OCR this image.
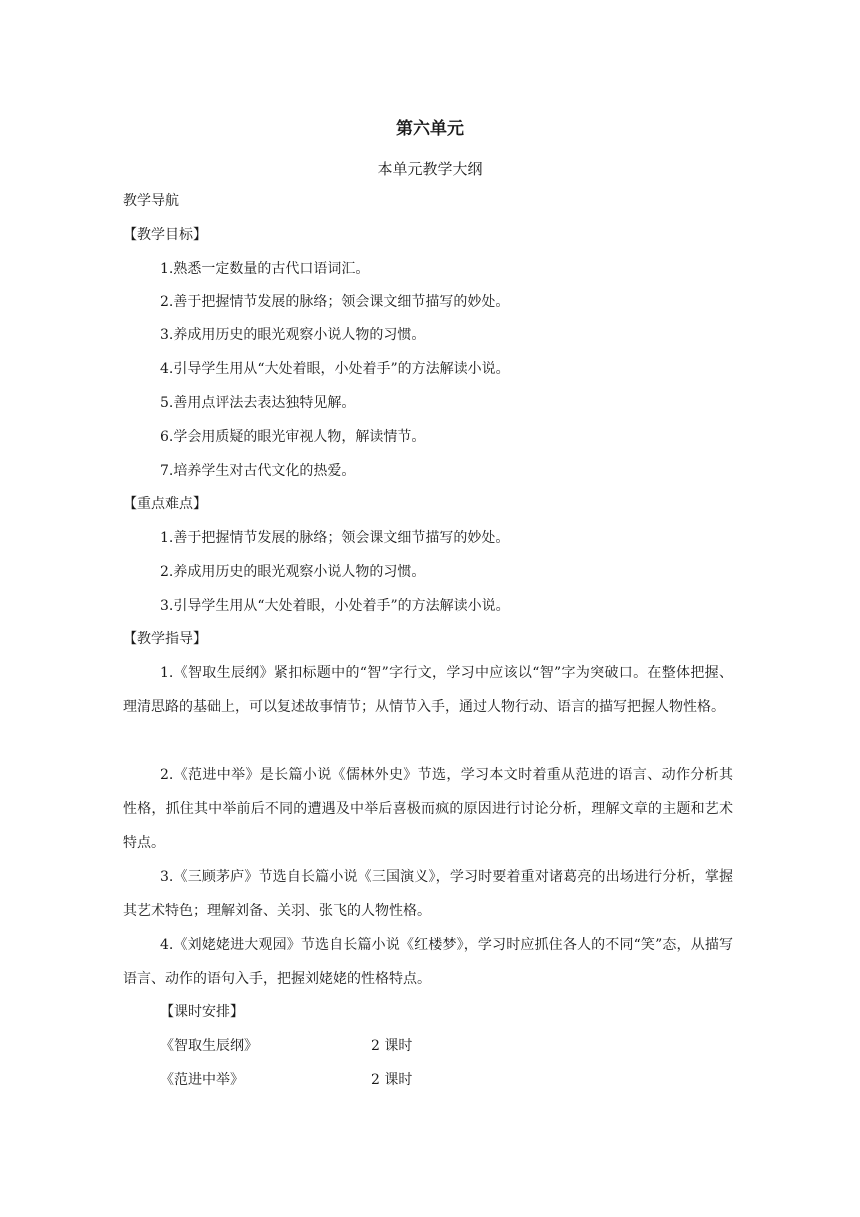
第六单元
本单元教学大纲
教学导航
【教学目标】
1.熟悉一定数量的古代口语词汇。
2.善于把握情节发展的脉络；领会课文细节描写的妙处。
3.养成用历史的眼光观察小说人物的习惯。
4.引导学生用从“大处着眼，小处着手”的方法解读小说。
5.善用点评法去表达独特见解。
6.学会用质疑的眼光审视人物，解读情节。
7.培养学生对古代文化的热爱。
【重点难点】
1.善于把握情节发展的脉络；领会课文细节描写的妙处。
2.养成用历史的眼光观察小说人物的习惯。
3.引导学生用从“大处着眼，小处着手”的方法解读小说。
【教学指导】
1.《智取生辰纲》紧扣标题中的“智”字行文，学习中应该以“智”字为突破口。在整体把握、理清思路的基础上，可以复述故事情节；从情节入手，通过人物行动、语言的描写把握人物性格。
2.《范进中举》是长篇小说《儒林外史》节选，学习本文时着重从范进的语言、动作分析其性格，抓住其中举前后不同的遭遇及中举后喜极而疯的原因进行讨论分析，理解文章的主题和艺术特点。
3.《三顾茅庐》节选自长篇小说《三国演义》，学习时要着重对诸葛亮的出场进行分析，掌握其艺术特色；理解刘备、关羽、张飞的人物性格。
4.《刘姥姥进大观园》节选自长篇小说《红楼梦》，学习时应抓住各人的不同“笑”态，从描写语言、动作的语句入手，把握刘姥姥的性格特点。
【课时安排】
《智取生辰纲》	2 课时
《范进中举》	2 课时
